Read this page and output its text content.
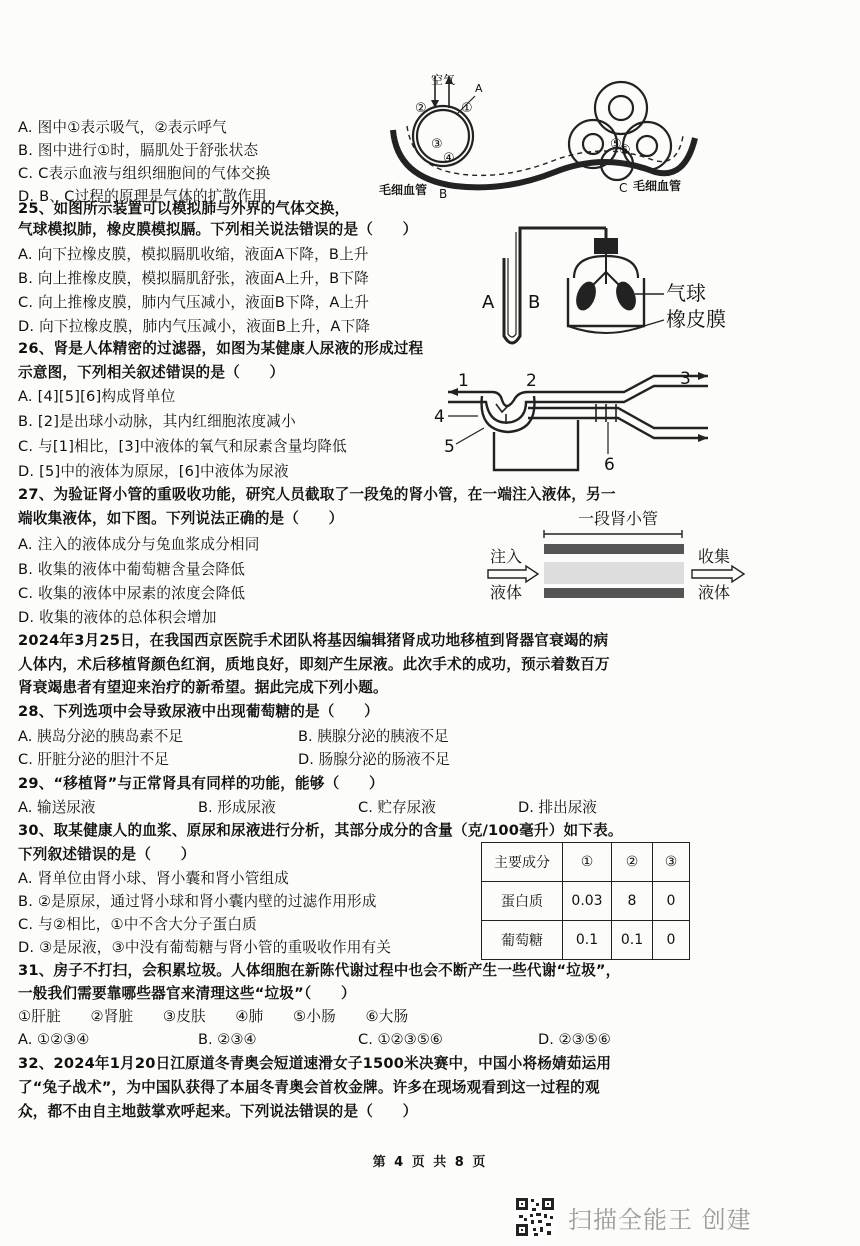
A. 图中①表示吸气，②表示呼气
B. 图中进行①时，膈肌处于舒张状态
C. C表示血液与组织细胞间的气体交换
D. B、C过程的原理是气体的扩散作用
空气
A
②	①
③
④
⑤
⑥
毛细血管 B	C 毛细血管
25、如图所示装置可以模拟肺与外界的气体交换，
气球模拟肺，橡皮膜模拟膈。下列相关说法错误的是（　　）
A. 向下拉橡皮膜，模拟膈肌收缩，液面A下降，B上升
B. 向上推橡皮膜，模拟膈肌舒张，液面A上升，B下降
C. 向上推橡皮膜，肺内气压减小，液面B下降，A上升
D. 向下拉橡皮膜，肺内气压减小，液面B上升，A下降
A B	气球
橡皮膜
26、肾是人体精密的过滤器，如图为某健康人尿液的形成过程
示意图，下列相关叙述错误的是（　　）
A. [4][5][6]构成肾单位
B. [2]是出球小动脉，其内红细胞浓度减小
C. 与[1]相比，[3]中液体的氧气和尿素含量均降低
D. [5]中的液体为原尿，[6]中液体为尿液
1	2	3
4
5
6
27、为验证肾小管的重吸收功能，研究人员截取了一段兔的肾小管，在一端注入液体，另一
端收集液体，如下图。下列说法正确的是（　　）
A. 注入的液体成分与兔血浆成分相同
B. 收集的液体中葡萄糖含量会降低
C. 收集的液体中尿素的浓度会降低
D. 收集的液体的总体积会增加
一段肾小管
注入
液体
收集
液体
2024年3月25日，在我国西京医院手术团队将基因编辑猪肾成功地移植到肾器官衰竭的病
人体内，术后移植肾颜色红润，质地良好，即刻产生尿液。此次手术的成功，预示着数百万
肾衰竭患者有望迎来治疗的新希望。据此完成下列小题。
28、下列选项中会导致尿液中出现葡萄糖的是（　　）
A. 胰岛分泌的胰岛素不足	B. 胰腺分泌的胰液不足
C. 肝脏分泌的胆汁不足	D. 肠腺分泌的肠液不足
29、“移植肾”与正常肾具有同样的功能，能够（　　）
A. 输送尿液	B. 形成尿液	C. 贮存尿液	D. 排出尿液
30、取某健康人的血浆、原尿和尿液进行分析，其部分成分的含量（克/100毫升）如下表。
下列叙述错误的是（　　）
A. 肾单位由肾小球、肾小囊和肾小管组成
B. ②是原尿，通过肾小球和肾小囊内壁的过滤作用形成
C. 与②相比，①中不含大分子蛋白质
D. ③是尿液，③中没有葡萄糖与肾小管的重吸收作用有关
主要成分	①	②	③
蛋白质	0.03	8	0
葡萄糖	0.1	0.1	0
31、房子不打扫，会积累垃圾。人体细胞在新陈代谢过程中也会不断产生一些代谢“垃圾”，
一般我们需要靠哪些器官来清理这些“垃圾”（　　）
①肝脏　　②肾脏　　③皮肤　　④肺　　⑤小肠　　⑥大肠
A. ①②③④	B. ②③④	C. ①②③⑤⑥	D. ②③⑤⑥
32、2024年1月20日江原道冬青奥会短道速滑女子1500米决赛中，中国小将杨婧茹运用
了“兔子战术”，为中国队获得了本届冬青奥会首枚金牌。许多在现场观看到这一过程的观
众，都不由自主地鼓掌欢呼起来。下列说法错误的是（　　）
第 4 页 共 8 页
扫描全能王 创建
